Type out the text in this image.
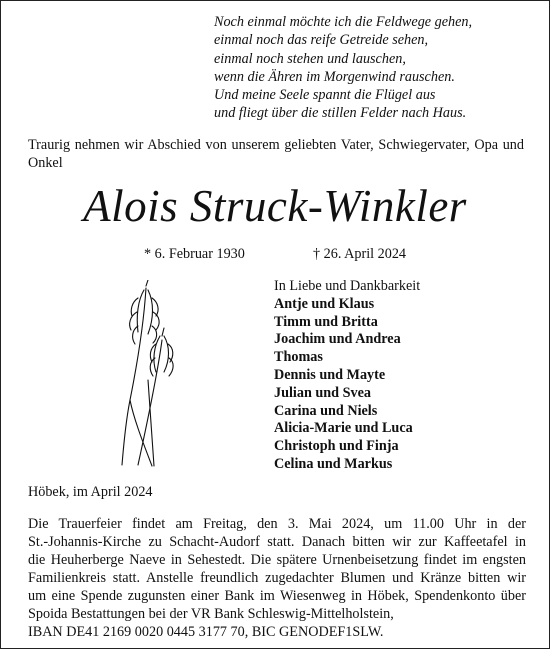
Noch einmal möchte ich die Feldwege gehen,
einmal noch das reife Getreide sehen,
einmal noch stehen und lauschen,
wenn die Ähren im Morgenwind rauschen.
Und meine Seele spannt die Flügel aus
und fliegt über die stillen Felder nach Haus.
Traurig nehmen wir Abschied von unserem geliebten Vater, Schwiegervater, Opa und Onkel
Alois Struck-Winkler
* 6. Februar 1930	† 26. April 2024
In Liebe und Dankbarkeit
Antje und Klaus
Timm und Britta
Joachim und Andrea
Thomas
Dennis und Mayte
Julian und Svea
Carina und Niels
Alicia-Marie und Luca
Christoph und Finja
Celina und Markus
Höbek, im April 2024
Die Trauerfeier findet am Freitag, den 3. Mai 2024, um 11.00 Uhr in der
St.-Johannis-Kirche zu Schacht-Audorf statt. Danach bitten wir zur Kaffeetafel in
die Heuherberge Naeve in Sehestedt. Die spätere Urnenbeisetzung findet im engsten
Familienkreis statt. Anstelle freundlich zugedachter Blumen und Kränze bitten wir
um eine Spende zugunsten einer Bank im Wiesenweg in Höbek, Spendenkonto über
Spoida Bestattungen bei der VR Bank Schleswig-Mittelholstein,
IBAN DE41 2169 0020 0445 3177 70, BIC GENODEF1SLW.
